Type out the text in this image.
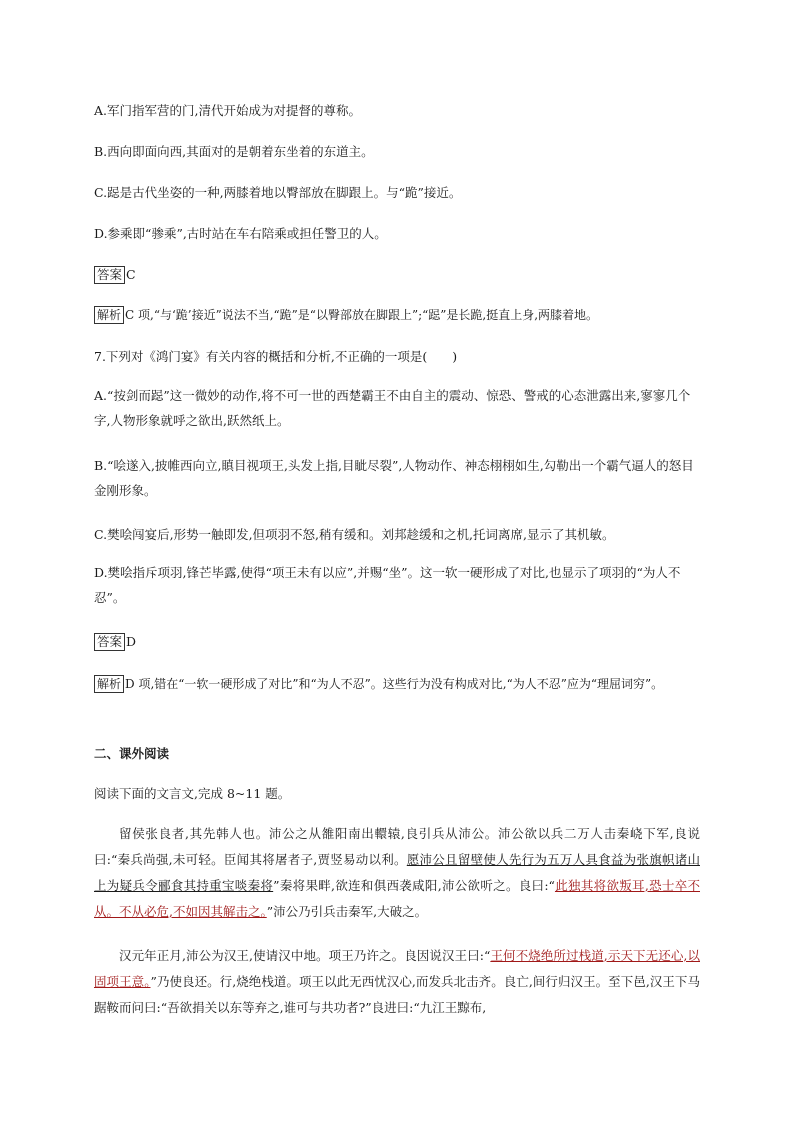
A.军门指军营的门,清代开始成为对提督的尊称。
B.西向即面向西,其面对的是朝着东坐着的东道主。
C.跽是古代坐姿的一种,两膝着地以臀部放在脚跟上。与“跪”接近。
D.参乘即“骖乘”,古时站在车右陪乘或担任警卫的人。
答案 C
解析 C 项,“与‘跪’接近”说法不当,“跪”是“以臀部放在脚跟上”;“跽”是长跪,挺直上身,两膝着地。
7.下列对《鸿门宴》有关内容的概括和分析,不正确的一项是(　　)
A.“按剑而跽”这一微妙的动作,将不可一世的西楚霸王不由自主的震动、惊恐、警戒的心态泄露出来,寥寥几个字,人物形象就呼之欲出,跃然纸上。
B.“哙遂入,披帷西向立,瞋目视项王,头发上指,目眦尽裂”,人物动作、神态栩栩如生,勾勒出一个霸气逼人的怒目金刚形象。
C.樊哙闯宴后,形势一触即发,但项羽不怒,稍有缓和。刘邦趁缓和之机,托词离席,显示了其机敏。
D.樊哙指斥项羽,锋芒毕露,使得“项王未有以应”,并赐“坐”。这一软一硬形成了对比,也显示了项羽的“为人不忍”。
答案 D
解析 D 项,错在“一软一硬形成了对比”和“为人不忍”。这些行为没有构成对比,“为人不忍”应为“理屈词穷”。
二、课外阅读
阅读下面的文言文,完成 8~11 题。
留侯张良者,其先韩人也。沛公之从雒阳南出轘辕,良引兵从沛公。沛公欲以兵二万人击秦峣下军,良说曰:“秦兵尚强,未可轻。臣闻其将屠者子,贾竖易动以利。愿沛公且留壁使人先行为五万人具食益为张旗帜诸山上为疑兵令郦食其持重宝啖秦将”秦将果畔,欲连和俱西袭咸阳,沛公欲听之。良曰:“此独其将欲叛耳,恐士卒不从。不从必危,不如因其解击之。”沛公乃引兵击秦军,大破之。
汉元年正月,沛公为汉王,使请汉中地。项王乃许之。良因说汉王曰:“王何不烧绝所过栈道,示天下无还心,以固项王意。”乃使良还。行,烧绝栈道。项王以此无西忧汉心,而发兵北击齐。良亡,间行归汉王。至下邑,汉王下马踞鞍而问曰:“吾欲捐关以东等弃之,谁可与共功者?”良进曰:“九江王黥布,
